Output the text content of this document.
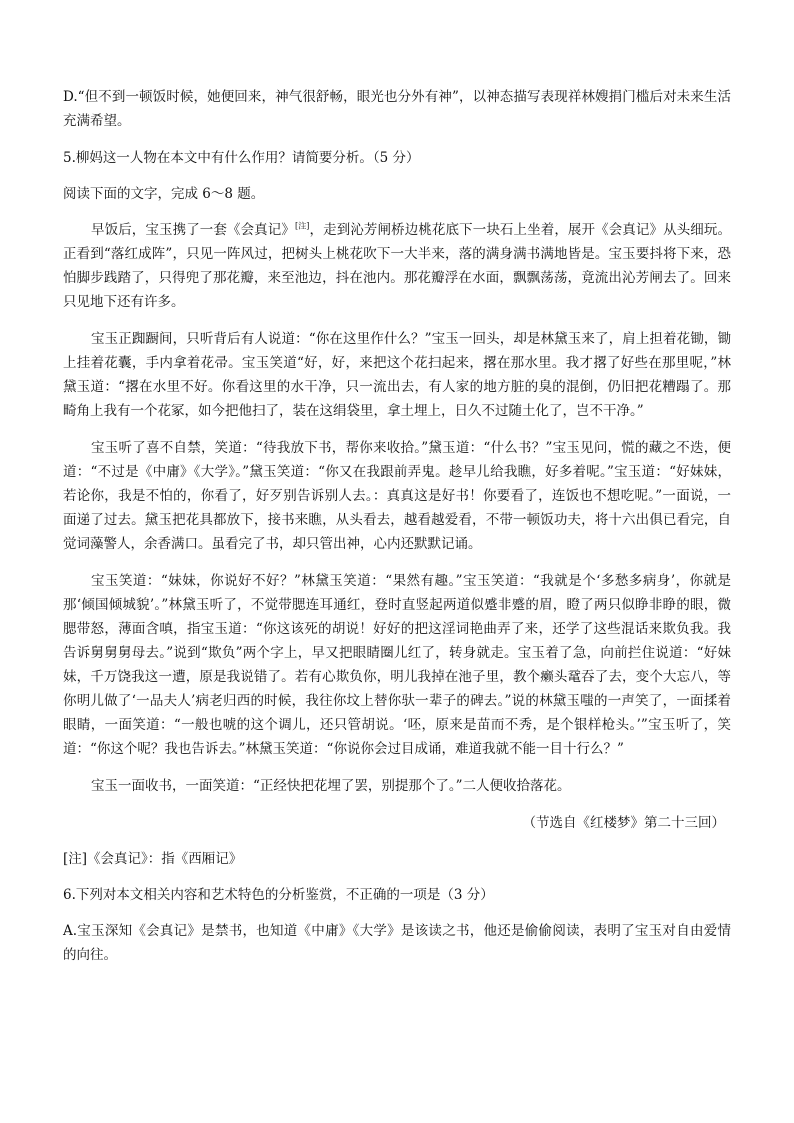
D.“但不到一顿饭时候，她便回来，神气很舒畅，眼光也分外有神”，以神态描写表现祥林嫂捐门槛后对未来生活充满希望。

5.柳妈这一人物在本文中有什么作用？请简要分析。（5 分）

阅读下面的文字，完成 6～8 题。

早饭后，宝玉携了一套《会真记》[注]，走到沁芳闸桥边桃花底下一块石上坐着，展开《会真记》从头细玩。正看到“落红成阵”，只见一阵风过，把树头上桃花吹下一大半来，落的满身满书满地皆是。宝玉要抖将下来，恐怕脚步践踏了，只得兜了那花瓣，来至池边，抖在池内。那花瓣浮在水面，飘飘荡荡，竟流出沁芳闸去了。回来只见地下还有许多。

宝玉正踟蹰间，只听背后有人说道：“你在这里作什么？”宝玉一回头，却是林黛玉来了，肩上担着花锄，锄上挂着花囊，手内拿着花帚。宝玉笑道“好，好，来把这个花扫起来，撂在那水里。我才撂了好些在那里呢，”林黛玉道：“撂在水里不好。你看这里的水干净，只一流出去，有人家的地方脏的臭的混倒，仍旧把花糟蹋了。那畸角上我有一个花冢，如今把他扫了，装在这绢袋里，拿土埋上，日久不过随土化了，岂不干净。”

宝玉听了喜不自禁，笑道：“待我放下书，帮你来收拾。”黛玉道：“什么书？”宝玉见问，慌的藏之不迭，便道：“不过是《中庸》《大学》。”黛玉笑道：“你又在我跟前弄鬼。趁早儿给我瞧，好多着呢。”宝玉道：“好妹妹，若论你，我是不怕的，你看了，好歹别告诉别人去。：真真这是好书！你要看了，连饭也不想吃呢。”一面说，一面递了过去。黛玉把花具都放下，接书来瞧，从头看去，越看越爱看，不带一顿饭功夫，将十六出俱已看完，自觉词藻警人，余香满口。虽看完了书，却只管出神，心内还默默记诵。

宝玉笑道：“妹妹，你说好不好？”林黛玉笑道：“果然有趣。”宝玉笑道：“我就是个‘多愁多病身’，你就是那‘倾国倾城貌’。”林黛玉听了，不觉带腮连耳通红，登时直竖起两道似蹙非蹙的眉，瞪了两只似睁非睁的眼，微腮带怒，薄面含嗔，指宝玉道：“你这该死的胡说！好好的把这淫词艳曲弄了来，还学了这些混话来欺负我。我告诉舅舅舅母去。”说到“欺负”两个字上，早又把眼睛圈儿红了，转身就走。宝玉着了急，向前拦住说道：“好妹妹，千万饶我这一遭，原是我说错了。若有心欺负你，明儿我掉在池子里，教个癞头鼋吞了去，变个大忘八，等你明儿做了‘一品夫人’病老归西的时候，我往你坟上替你驮一辈子的碑去。”说的林黛玉嗤的一声笑了，一面揉着眼睛，一面笑道：“一般也唬的这个调儿，还只管胡说。‘呸，原来是苗而不秀，是个银样枪头。’”宝玉听了，笑道：“你这个呢？我也告诉去。”林黛玉笑道：“你说你会过目成诵，难道我就不能一目十行么？”

宝玉一面收书，一面笑道：“正经快把花埋了罢，别提那个了。”二人便收拾落花。

（节选自《红楼梦》第二十三回）

[注]《会真记》：指《西厢记》

6.下列对本文相关内容和艺术特色的分析鉴赏，不正确的一项是（3 分）

A.宝玉深知《会真记》是禁书，也知道《中庸》《大学》是该读之书，他还是偷偷阅读，表明了宝玉对自由爱情的向往。
